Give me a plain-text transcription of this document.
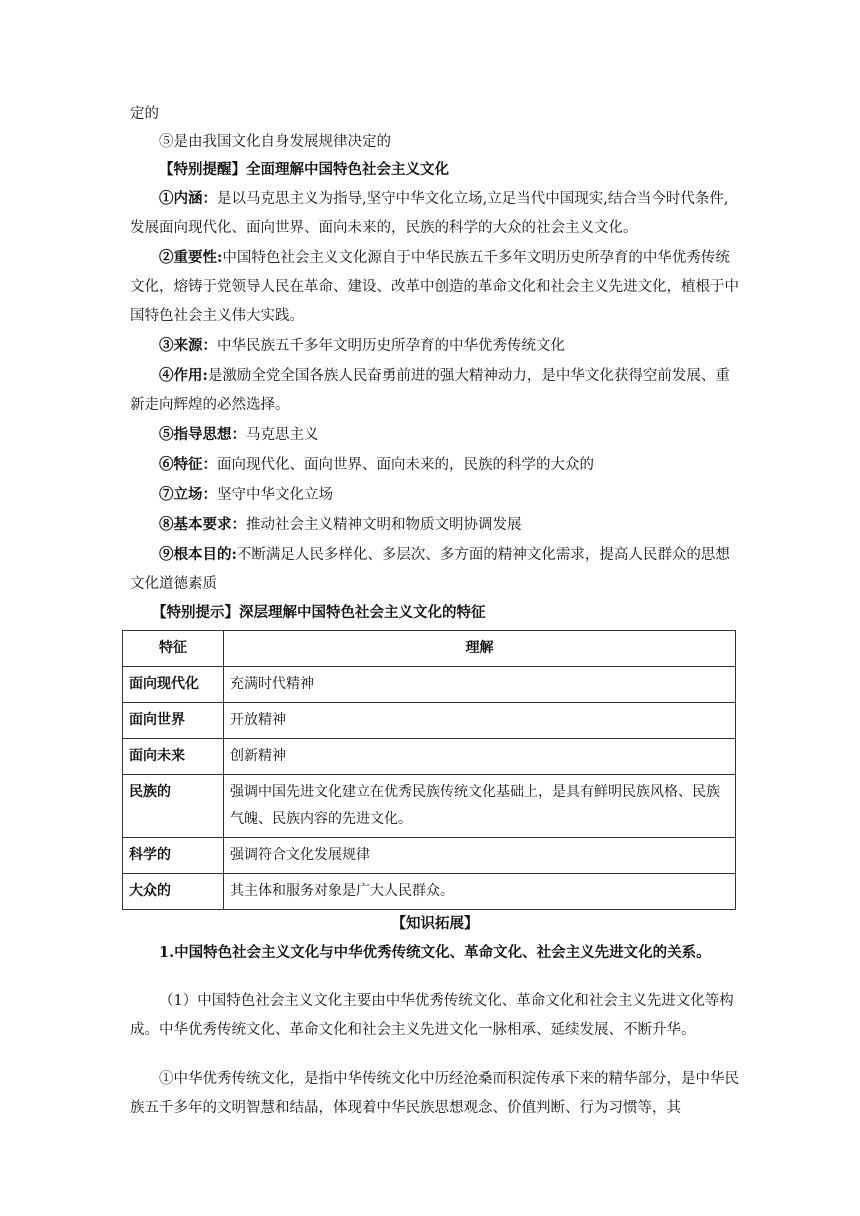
定的
⑤是由我国文化自身发展规律决定的
【特别提醒】全面理解中国特色社会主义文化
①内涵：是以马克思主义为指导,坚守中华文化立场,立足当代中国现实,结合当今时代条件,发展面向现代化、面向世界、面向未来的，民族的科学的大众的社会主义文化。
②重要性:中国特色社会主义文化源自于中华民族五千多年文明历史所孕育的中华优秀传统文化，熔铸于党领导人民在革命、建设、改革中创造的革命文化和社会主义先进文化，植根于中国特色社会主义伟大实践。
③来源：中华民族五千多年文明历史所孕育的中华优秀传统文化
④作用:是激励全党全国各族人民奋勇前进的强大精神动力，是中华文化获得空前发展、重新走向辉煌的必然选择。
⑤指导思想：马克思主义
⑥特征：面向现代化、面向世界、面向未来的，民族的科学的大众的
⑦立场：坚守中华文化立场
⑧基本要求：推动社会主义精神文明和物质文明协调发展
⑨根本目的:不断满足人民多样化、多层次、多方面的精神文化需求，提高人民群众的思想文化道德素质
【特别提示】深层理解中国特色社会主义文化的特征
特征	理解
面向现代化	充满时代精神
面向世界	开放精神
面向未来	创新精神
民族的	强调中国先进文化建立在优秀民族传统文化基础上，是具有鲜明民族风格、民族气魄、民族内容的先进文化。
科学的	强调符合文化发展规律
大众的	其主体和服务对象是广大人民群众。
【知识拓展】
1.中国特色社会主义文化与中华优秀传统文化、革命文化、社会主义先进文化的关系。
（1）中国特色社会主义文化主要由中华优秀传统文化、革命文化和社会主义先进文化等构成。中华优秀传统文化、革命文化和社会主义先进文化一脉相承、延续发展、不断升华。
①中华优秀传统文化，是指中华传统文化中历经沧桑而积淀传承下来的精华部分，是中华民族五千多年的文明智慧和结晶，体现着中华民族思想观念、价值判断、行为习惯等，其
